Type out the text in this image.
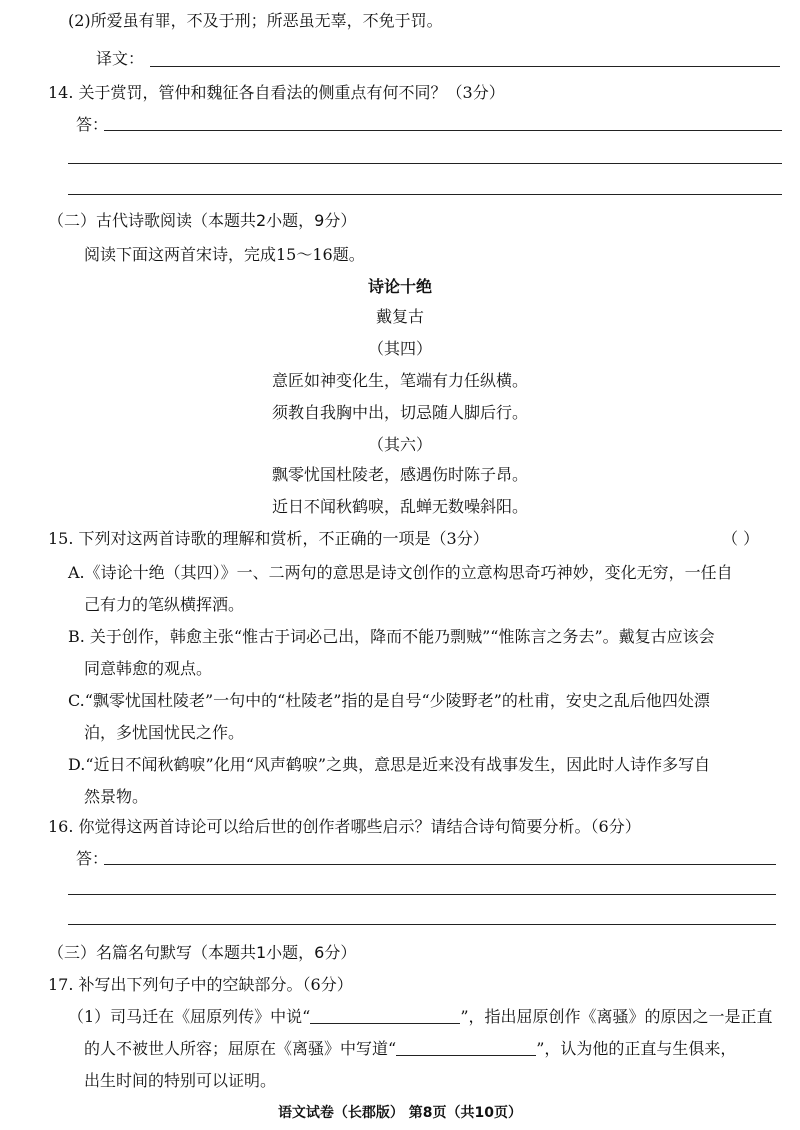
(2)所爱虽有罪，不及于刑；所恶虽无辜，不免于罚。
译文：
14. 关于赏罚，管仲和魏征各自看法的侧重点有何不同？（3分）
答：
（二）古代诗歌阅读（本题共2小题，9分）
阅读下面这两首宋诗，完成15～16题。
诗论十绝
戴复古
（其四）
意匠如神变化生，笔端有力任纵横。
须教自我胸中出，切忌随人脚后行。
（其六）
飘零忧国杜陵老，感遇伤时陈子昂。
近日不闻秋鹤唳，乱蝉无数噪斜阳。
15. 下列对这两首诗歌的理解和赏析，不正确的一项是（3分）	（ ）
A.《诗论十绝（其四）》一、二两句的意思是诗文创作的立意构思奇巧神妙，变化无穷，一任自
己有力的笔纵横挥洒。
B. 关于创作，韩愈主张“惟古于词必己出，降而不能乃剽贼”“惟陈言之务去”。戴复古应该会
同意韩愈的观点。
C.“飘零忧国杜陵老”一句中的“杜陵老”指的是自号“少陵野老”的杜甫，安史之乱后他四处漂
泊，多忧国忧民之作。
D.“近日不闻秋鹤唳”化用“风声鹤唳”之典，意思是近来没有战事发生，因此时人诗作多写自
然景物。
16. 你觉得这两首诗论可以给后世的创作者哪些启示？请结合诗句简要分析。（6分）
答：
（三）名篇名句默写（本题共1小题，6分）
17. 补写出下列句子中的空缺部分。（6分）
（1）司马迁在《屈原列传》中说“	”，指出屈原创作《离骚》的原因之一是正直
的人不被世人所容；屈原在《离骚》中写道“	”，认为他的正直与生俱来，
出生时间的特别可以证明。
语文试卷（长郡版） 第8页（共10页）
